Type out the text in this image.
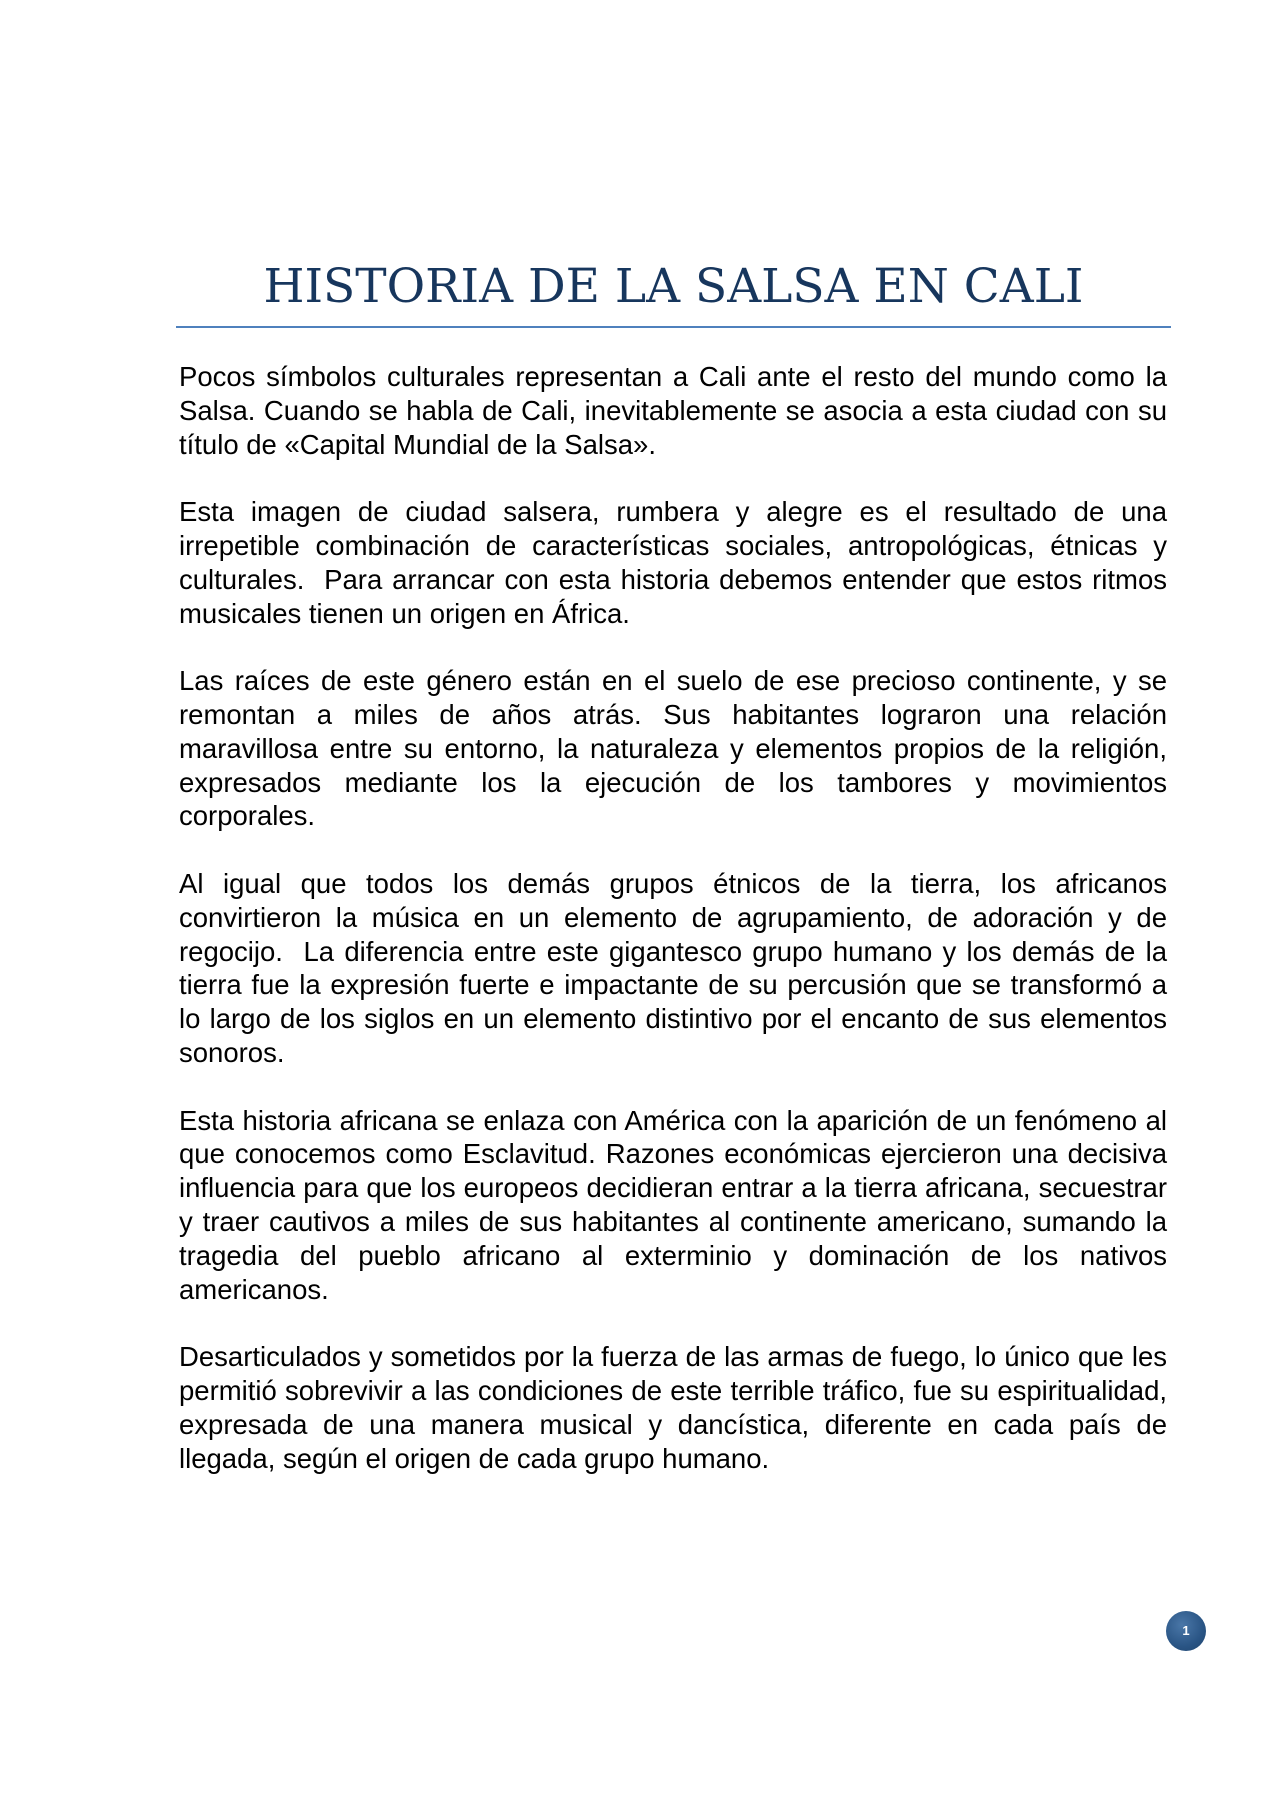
HISTORIA DE LA SALSA EN CALI

Pocos símbolos culturales representan a Cali ante el resto del mundo como la Salsa. Cuando se habla de Cali, inevitablemente se asocia a esta ciudad con su título de «Capital Mundial de la Salsa».

Esta imagen de ciudad salsera, rumbera y alegre es el resultado de una irrepetible combinación de características sociales, antropológicas, étnicas y culturales.  Para arrancar con esta historia debemos entender que estos ritmos musicales tienen un origen en África.

Las raíces de este género están en el suelo de ese precioso continente, y se remontan a miles de años atrás. Sus habitantes lograron una relación maravillosa entre su entorno, la naturaleza y elementos propios de la religión, expresados mediante los la ejecución de los tambores y movimientos corporales.

Al igual que todos los demás grupos étnicos de la tierra, los africanos convirtieron la música en un elemento de agrupamiento, de adoración y de regocijo.  La diferencia entre este gigantesco grupo humano y los demás de la tierra fue la expresión fuerte e impactante de su percusión que se transformó a lo largo de los siglos en un elemento distintivo por el encanto de sus elementos sonoros.

Esta historia africana se enlaza con América con la aparición de un fenómeno al que conocemos como Esclavitud. Razones económicas ejercieron una decisiva influencia para que los europeos decidieran entrar a la tierra africana, secuestrar y traer cautivos a miles de sus habitantes al continente americano, sumando la tragedia del pueblo africano al exterminio y dominación de los nativos americanos.

Desarticulados y sometidos por la fuerza de las armas de fuego, lo único que les permitió sobrevivir a las condiciones de este terrible tráfico, fue su espiritualidad, expresada de una manera musical y dancística, diferente en cada país de llegada, según el origen de cada grupo humano.

1
